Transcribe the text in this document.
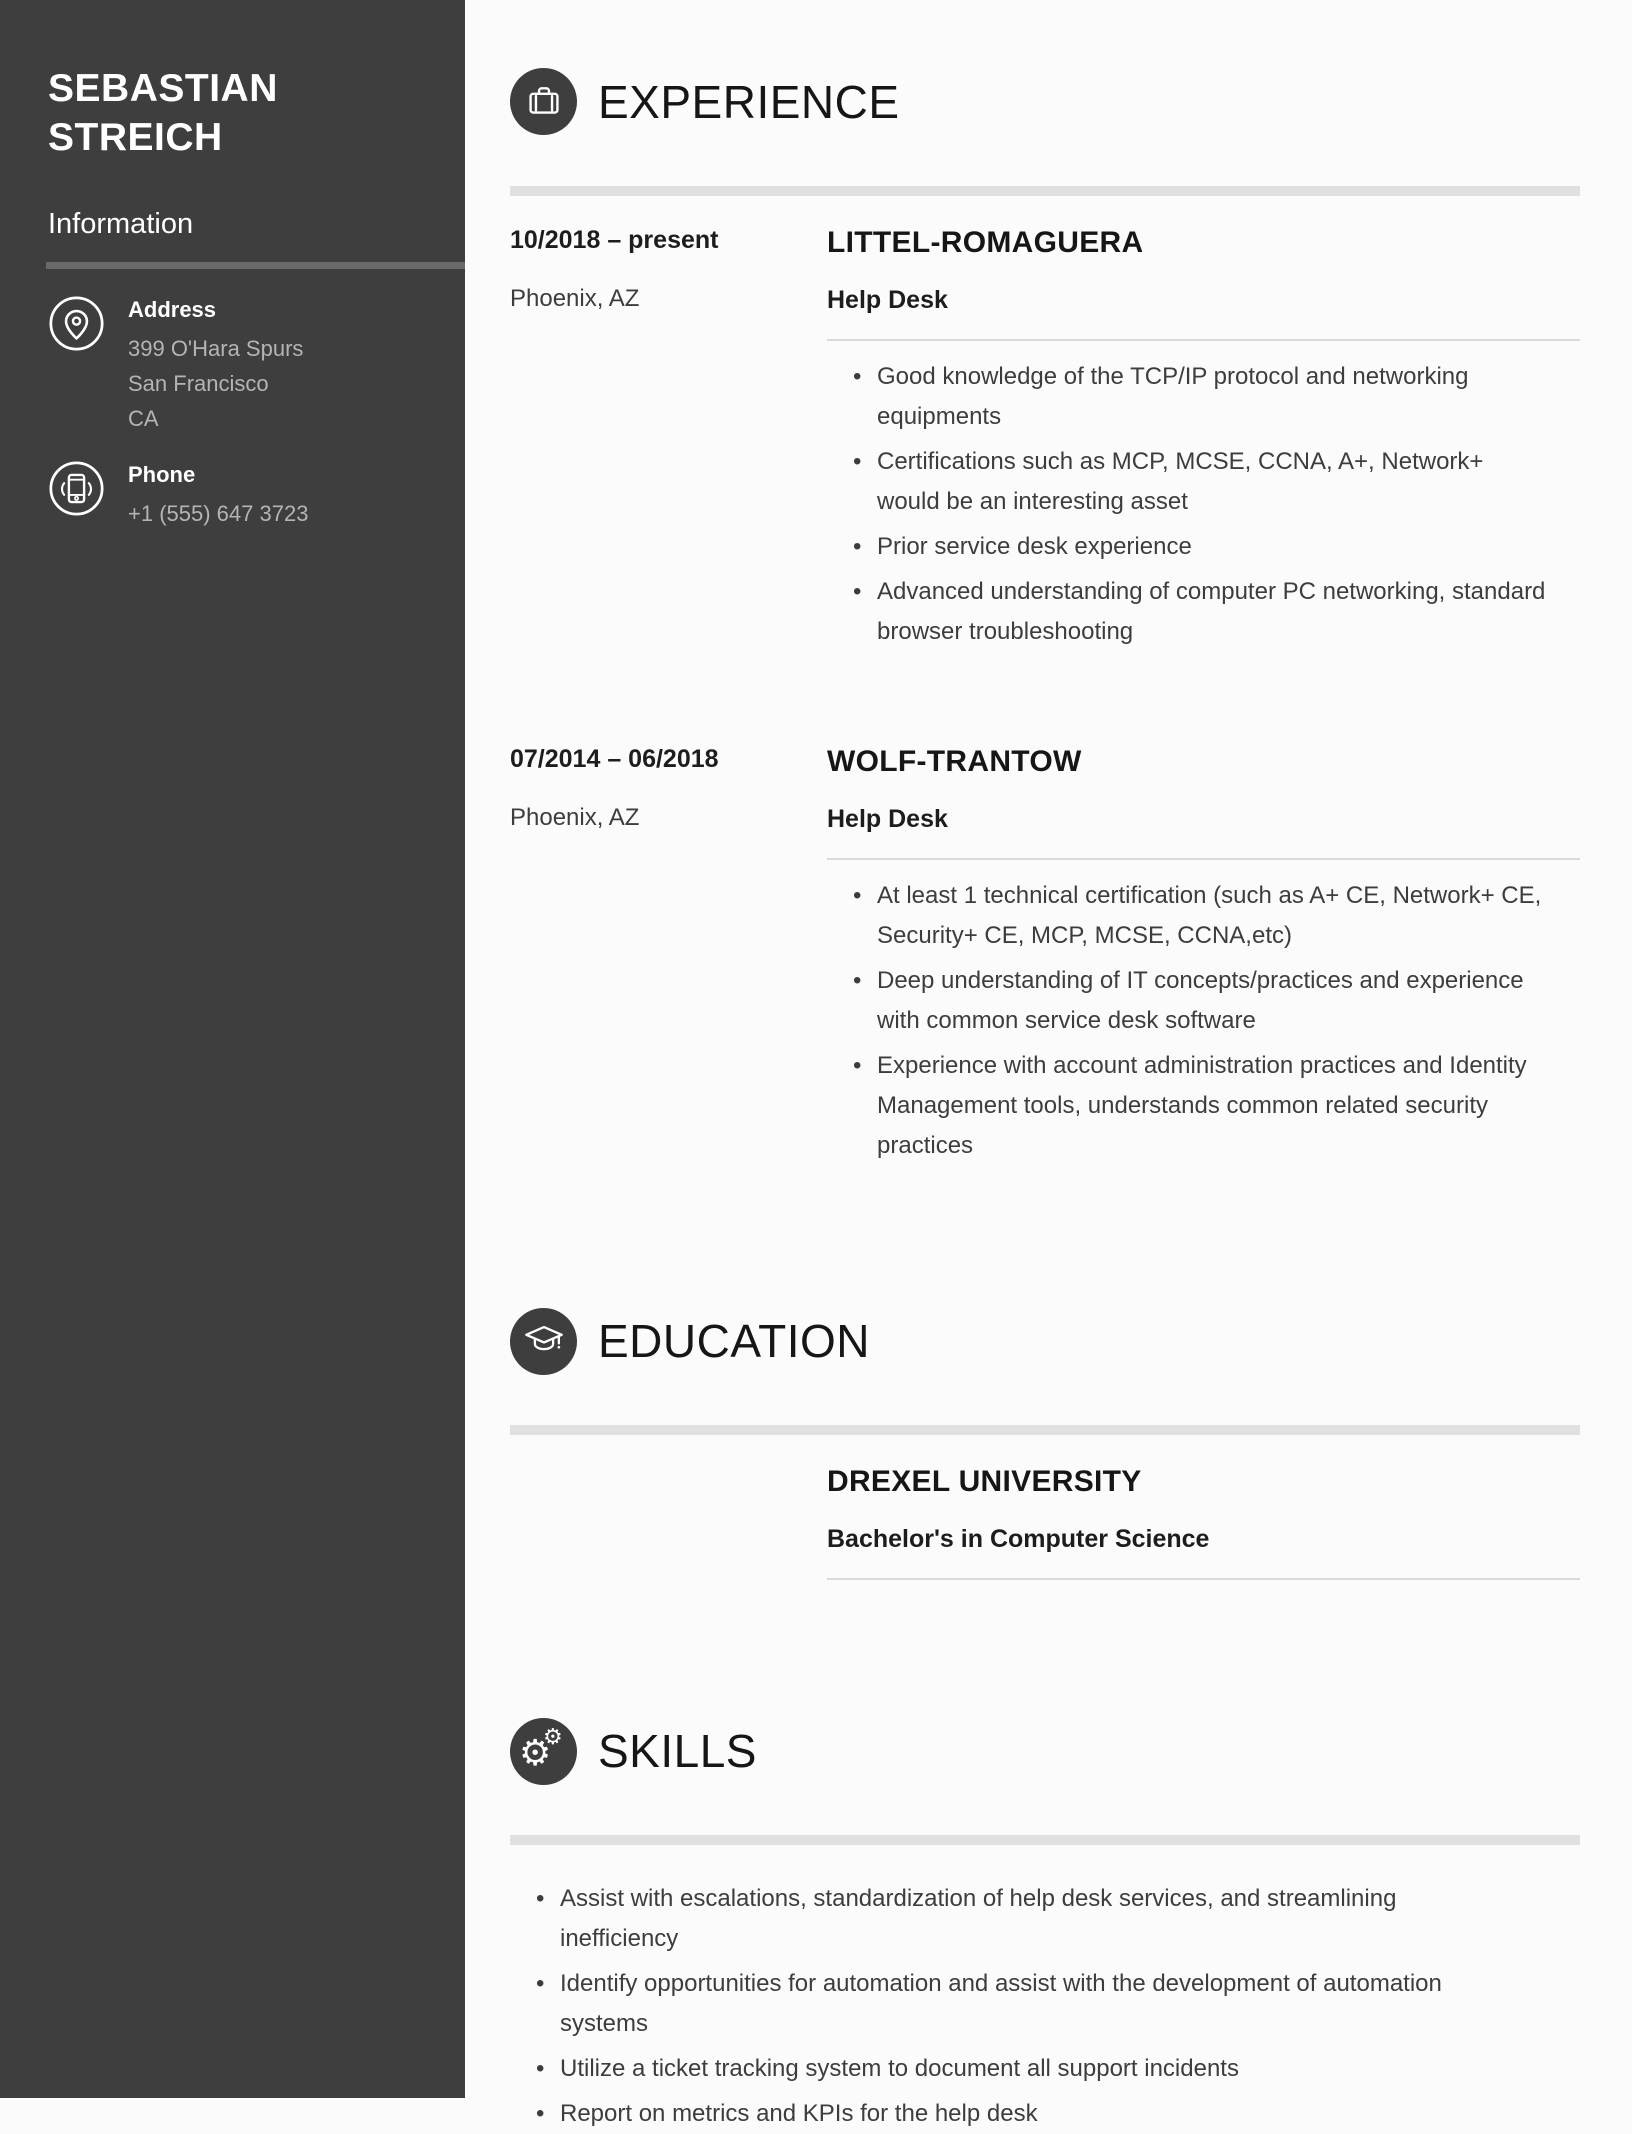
SEBASTIAN STREICH
Information
Address
399 O'Hara Spurs
San Francisco
CA
Phone
+1 (555) 647 3723
EXPERIENCE
10/2018 – present
Phoenix, AZ
LITTEL-ROMAGUERA
Help Desk
• Good knowledge of the TCP/IP protocol and networking equipments
• Certifications such as MCP, MCSE, CCNA, A+, Network+ would be an interesting asset
• Prior service desk experience
• Advanced understanding of computer PC networking, standard browser troubleshooting
07/2014 – 06/2018
Phoenix, AZ
WOLF-TRANTOW
Help Desk
• At least 1 technical certification (such as A+ CE, Network+ CE, Security+ CE, MCP, MCSE, CCNA,etc)
• Deep understanding of IT concepts/practices and experience with common service desk software
• Experience with account administration practices and Identity Management tools, understands common related security practices
EDUCATION
DREXEL UNIVERSITY
Bachelor's in Computer Science
⚙
⚙ SKILLS
• Assist with escalations, standardization of help desk services, and streamlining inefficiency
• Identify opportunities for automation and assist with the development of automation systems
• Utilize a ticket tracking system to document all support incidents
• Report on metrics and KPIs for the help desk
